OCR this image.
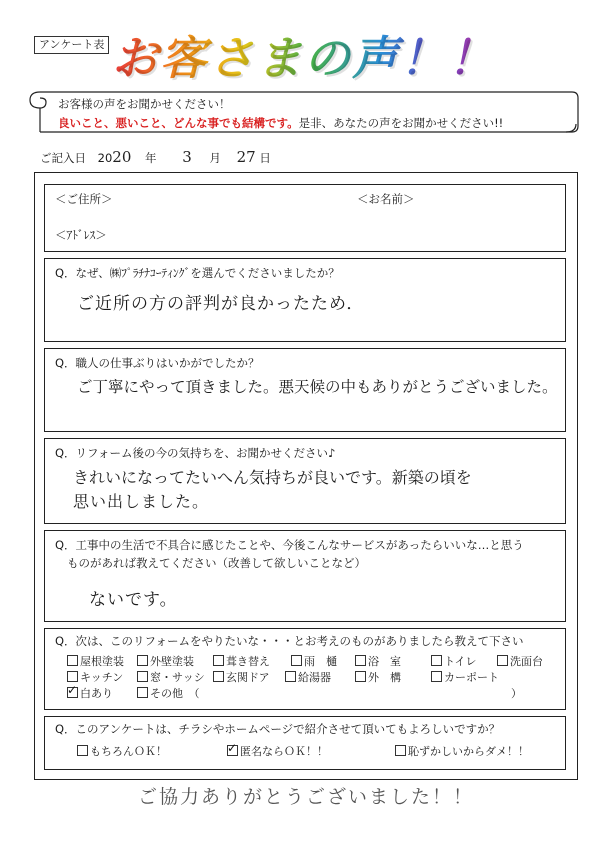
アンケート表 お客さまの声！！
お客様の声をお聞かせください！
良いこと、悪いこと、どんな事でも結構です。是非、あなたの声をお聞かせください!!
ご記入日 2020 年 3 月 27 日
＜ご住所＞	＜お名前＞
＜ｱﾄﾞﾚｽ＞
Q．なぜ、㈱ﾌﾟﾗﾁﾅｺｰﾃｨﾝｸﾞを選んでくださいましたか？
ご近所の方の評判が良かったため．
Q．職人の仕事ぶりはいかがでしたか？
ご丁寧にやって頂きました。悪天候の中もありがとうございました。
Q．リフォーム後の今の気持ちを、お聞かせください♪
きれいになってたいへん気持ちが良いです。新築の頃を
思い出しました。
Q．工事中の生活で不具合に感じたことや、今後こんなサービスがあったらいいな…と思う
ものがあれば教えてください（改善して欲しいことなど）
ないです。
Q．次は、このリフォームをやりたいな・・・とお考えのものがありましたら教えて下さい
屋根塗装	外壁塗装	葺き替え	雨　樋	浴　室	トイレ	洗面台
キッチン	窓・サッシ	玄関ドア	給湯器	外　構	カーポート
✓白あり	その他　（	）
Q．このアンケートは、チラシやホームページで紹介させて頂いてもよろしいですか？
もちろんＯＫ！
✓	匿名ならＯＫ！！	恥ずかしいからダメ！！
ご協力ありがとうございました！！
